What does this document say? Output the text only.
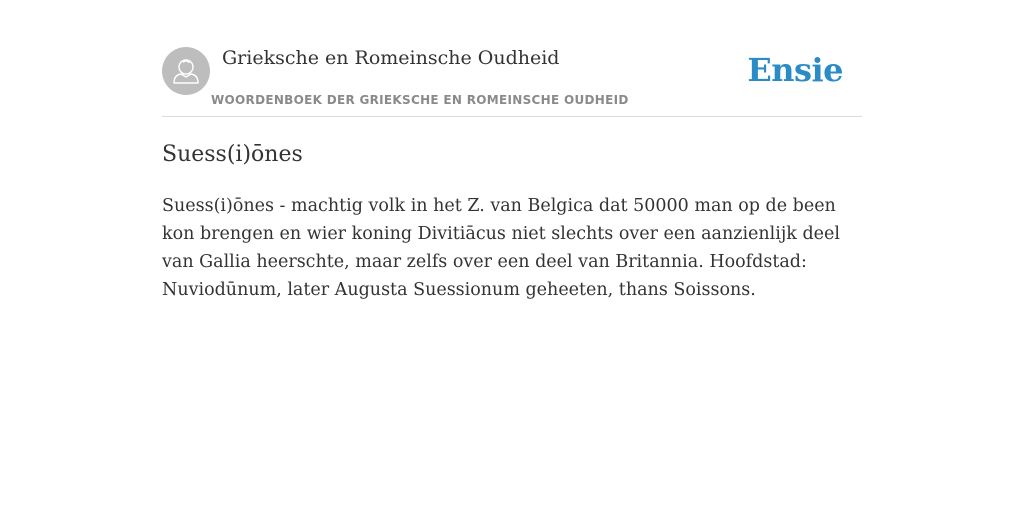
Grieksche en Romeinsche Oudheid
WOORDENBOEK DER GRIEKSCHE EN ROMEINSCHE OUDHEID
Ensie
Suess(i)ōnes

Suess(i)ōnes - machtig volk in het Z. van Belgica dat 50000 man op de been kon brengen en wier koning Divitiācus niet slechts over een aanzienlijk deel van Gallia heerschte, maar zelfs over een deel van Britannia. Hoofdstad: Nuviodūnum, later Augusta Suessionum geheeten, thans Soissons.
